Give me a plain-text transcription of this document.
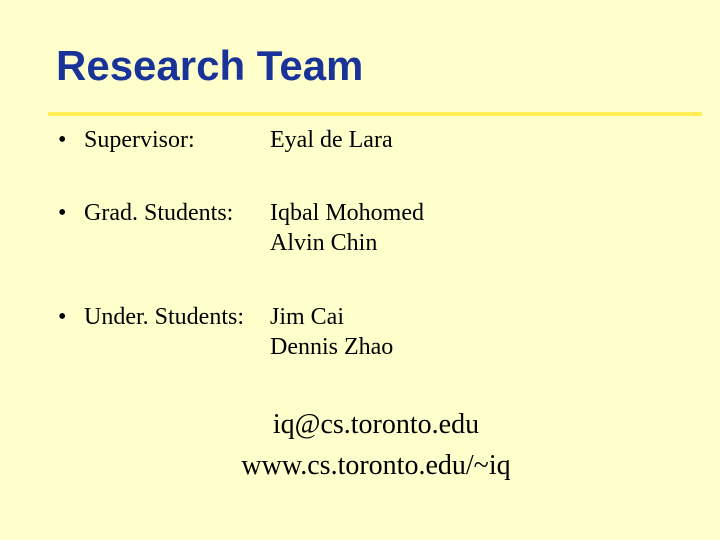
Research Team
• Supervisor:	Eyal de Lara
• Grad. Students: Iqbal Mohomed
Alvin Chin
• Under. Students: Jim Cai
Dennis Zhao
iq@cs.toronto.edu
www.cs.toronto.edu/~iq
